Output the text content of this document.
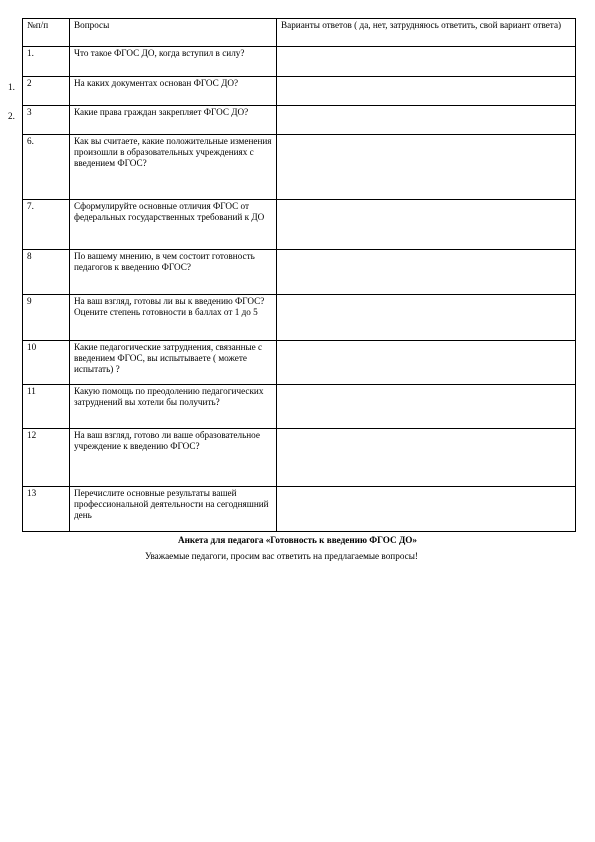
№п/п	Вопросы	Варианты ответов ( да, нет, затрудняюсь ответить, свой вариант ответа)
1.	Что такое ФГОС ДО, когда вступил в силу?	
2	На каких документах основан ФГОС ДО?	
3	Какие права граждан закрепляет ФГОС ДО?	
6.	Как вы считаете, какие положительные изменения произошли в образовательных учреждениях с введением ФГОС?	
7.	Сформулируйте основные отличия ФГОС от федеральных государственных требований к ДО	
8	По вашему мнению, в чем состоит готовность педагогов к введению ФГОС?	
9	На ваш взгляд, готовы ли вы к введению ФГОС? Оцените степень готовности в баллах от 1 до 5	
10	Какие педагогические затруднения, связанные с введением ФГОС, вы испытываете ( можете испытать) ?	
11	Какую помощь по преодолению педагогических затруднений вы хотели бы получить?	
12	На ваш взгляд, готово ли ваше образовательное учреждение к введению ФГОС?	
13	Перечислите основные результаты вашей профессиональной деятельности на сегодняшний день	
1.
2.
Анкета для педагога «Готовность к введению ФГОС ДО»
Уважаемые педагоги, просим вас ответить на предлагаемые вопросы!
